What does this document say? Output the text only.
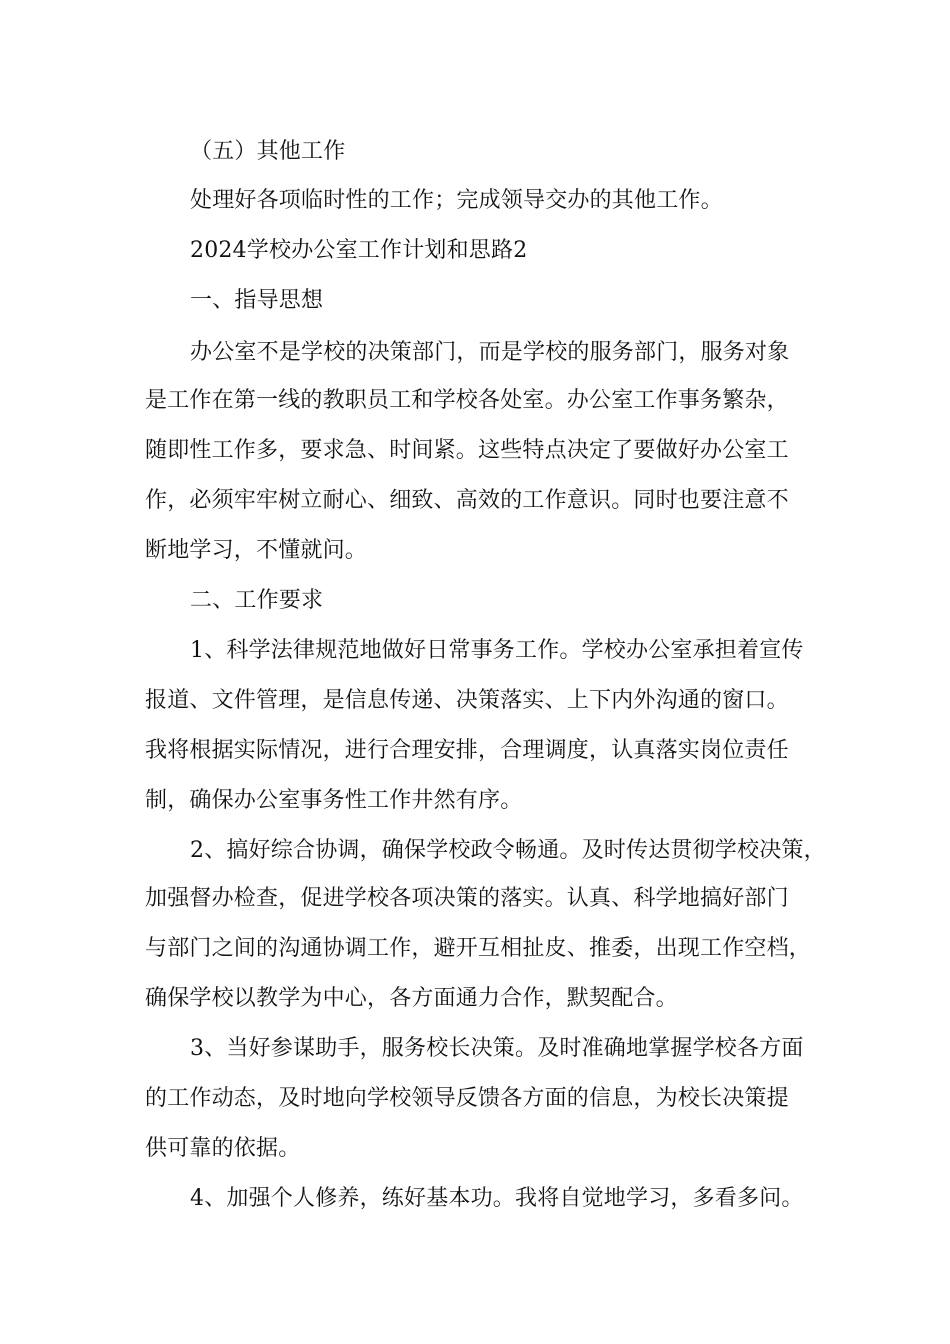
（五）其他工作

处理好各项临时性的工作；完成领导交办的其他工作。

2024学校办公室工作计划和思路2

一、指导思想

办公室不是学校的决策部门，而是学校的服务部门，服务对象

是工作在第一线的教职员工和学校各处室。办公室工作事务繁杂，

随即性工作多，要求急、时间紧。这些特点决定了要做好办公室工

作，必须牢牢树立耐心、细致、高效的工作意识。同时也要注意不

断地学习，不懂就问。

二、工作要求

1、科学法律规范地做好日常事务工作。学校办公室承担着宣传

报道、文件管理，是信息传递、决策落实、上下内外沟通的窗口。

我将根据实际情况，进行合理安排，合理调度，认真落实岗位责任

制，确保办公室事务性工作井然有序。

2、搞好综合协调，确保学校政令畅通。及时传达贯彻学校决策，

加强督办检查，促进学校各项决策的落实。认真、科学地搞好部门

与部门之间的沟通协调工作，避开互相扯皮、推委，出现工作空档，

确保学校以教学为中心，各方面通力合作，默契配合。

3、当好参谋助手，服务校长决策。及时准确地掌握学校各方面

的工作动态，及时地向学校领导反馈各方面的信息，为校长决策提

供可靠的依据。

4、加强个人修养，练好基本功。我将自觉地学习，多看多问。
